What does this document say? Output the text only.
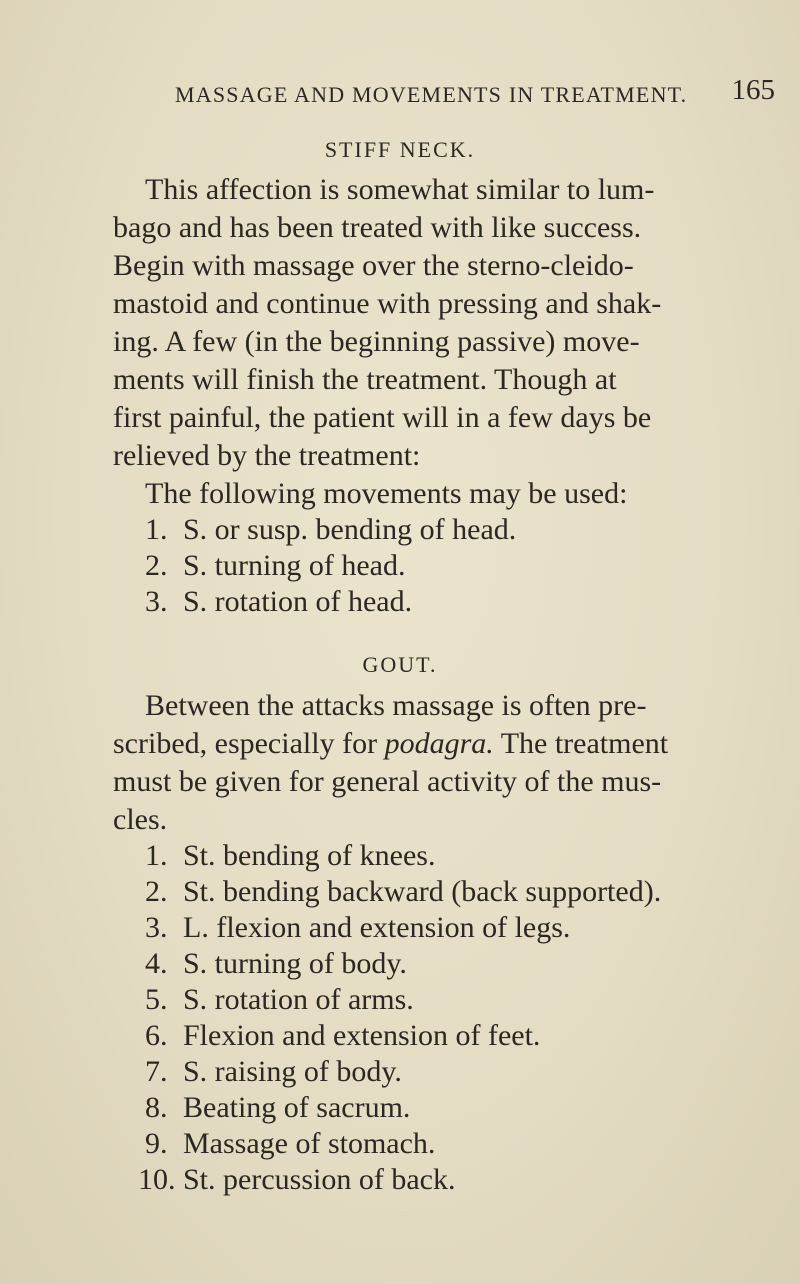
MASSAGE AND MOVEMENTS IN TREATMENT. 165
STIFF NECK.
This affection is somewhat similar to lum-
bago and has been treated with like success.
Begin with massage over the sterno-cleido-
mastoid and continue with pressing and shak-
ing. A few (in the beginning passive) move-
ments will finish the treatment. Though at
first painful, the patient will in a few days be
relieved by the treatment:
The following movements may be used:
1. S. or susp. bending of head.
2. S. turning of head.
3. S. rotation of head.
GOUT.
Between the attacks massage is often pre-
scribed, especially for podagra. The treatment
must be given for general activity of the mus-
cles.
1. St. bending of knees.
2. St. bending backward (back supported).
3. L. flexion and extension of legs.
4. S. turning of body.
5. S. rotation of arms.
6. Flexion and extension of feet.
7. S. raising of body.
8. Beating of sacrum.
9. Massage of stomach.
10. St. percussion of back.
